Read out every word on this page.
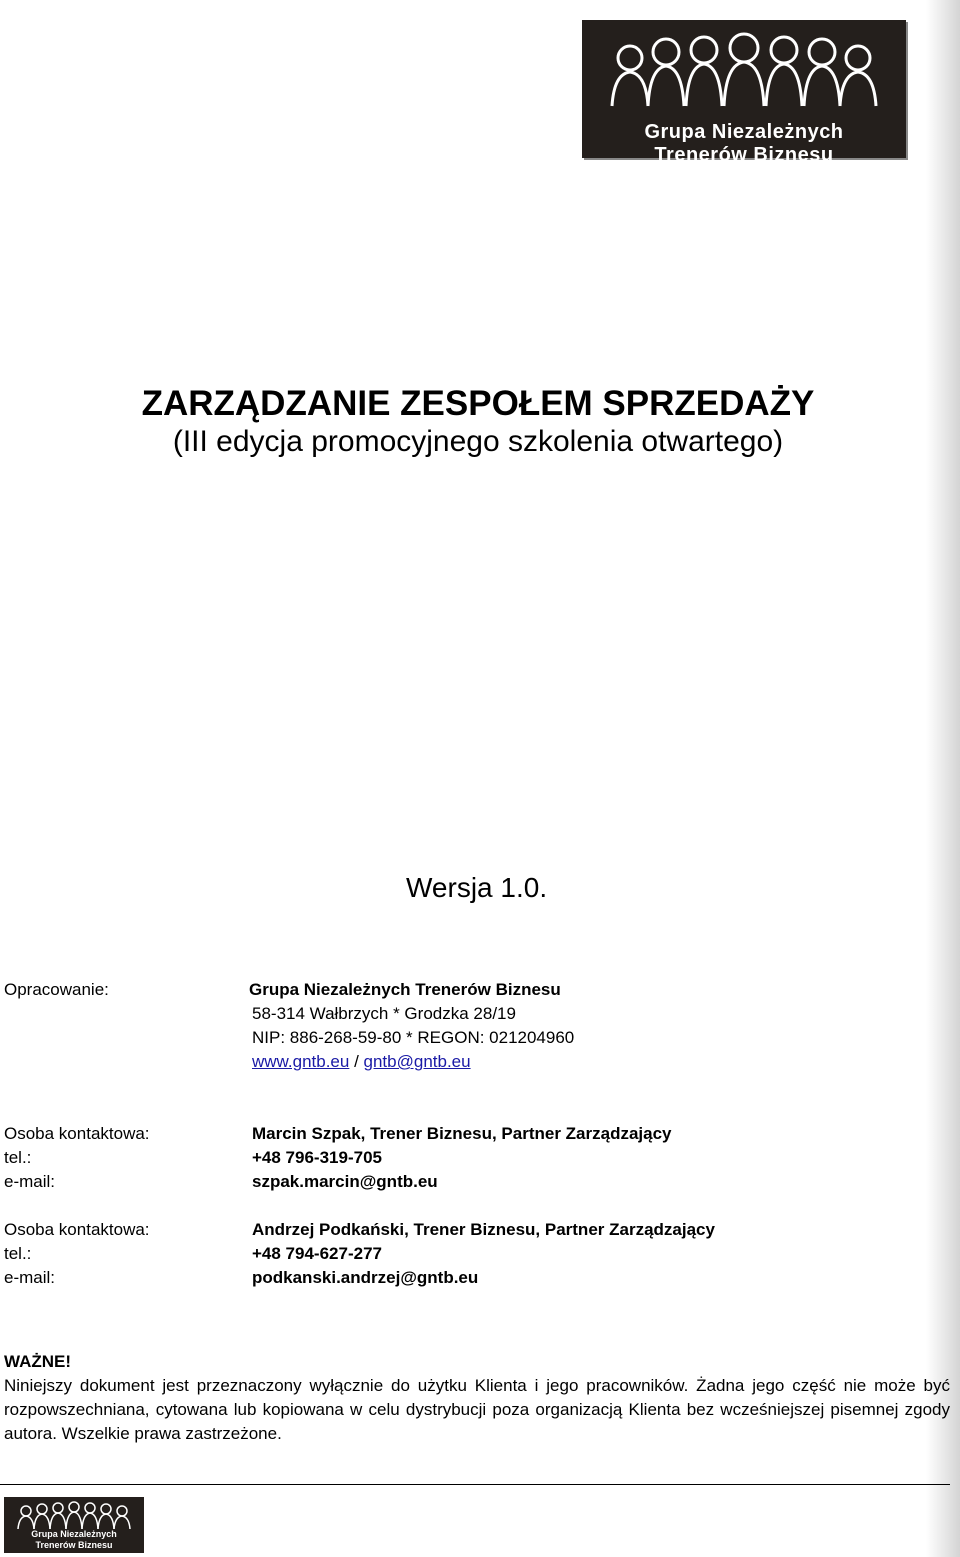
Grupa Niezależnych
Trenerów Biznesu
ZARZĄDZANIE ZESPOŁEM SPRZEDAŻY
(III edycja promocyjnego szkolenia otwartego)
Wersja 1.0.
Opracowanie:	Grupa Niezależnych Trenerów Biznesu
58-314 Wałbrzych * Grodzka 28/19
NIP: 886-268-59-80 * REGON: 021204960
www.gntb.eu / gntb@gntb.eu
Osoba kontaktowa:	Marcin Szpak, Trener Biznesu, Partner Zarządzający
tel.:	+48 796-319-705
e-mail:	szpak.marcin@gntb.eu
Osoba kontaktowa:	Andrzej Podkański, Trener Biznesu, Partner Zarządzający
tel.:	+48 794-627-277
e-mail:	podkanski.andrzej@gntb.eu
WAŻNE!
Niniejszy dokument jest przeznaczony wyłącznie do użytku Klienta i jego pracowników. Żadna jego część nie może być rozpowszechniana, cytowana lub kopiowana w celu dystrybucji poza organizacją Klienta bez wcześniejszej pisemnej zgody autora. Wszelkie prawa zastrzeżone.
Grupa Niezależnych
Trenerów Biznesu
